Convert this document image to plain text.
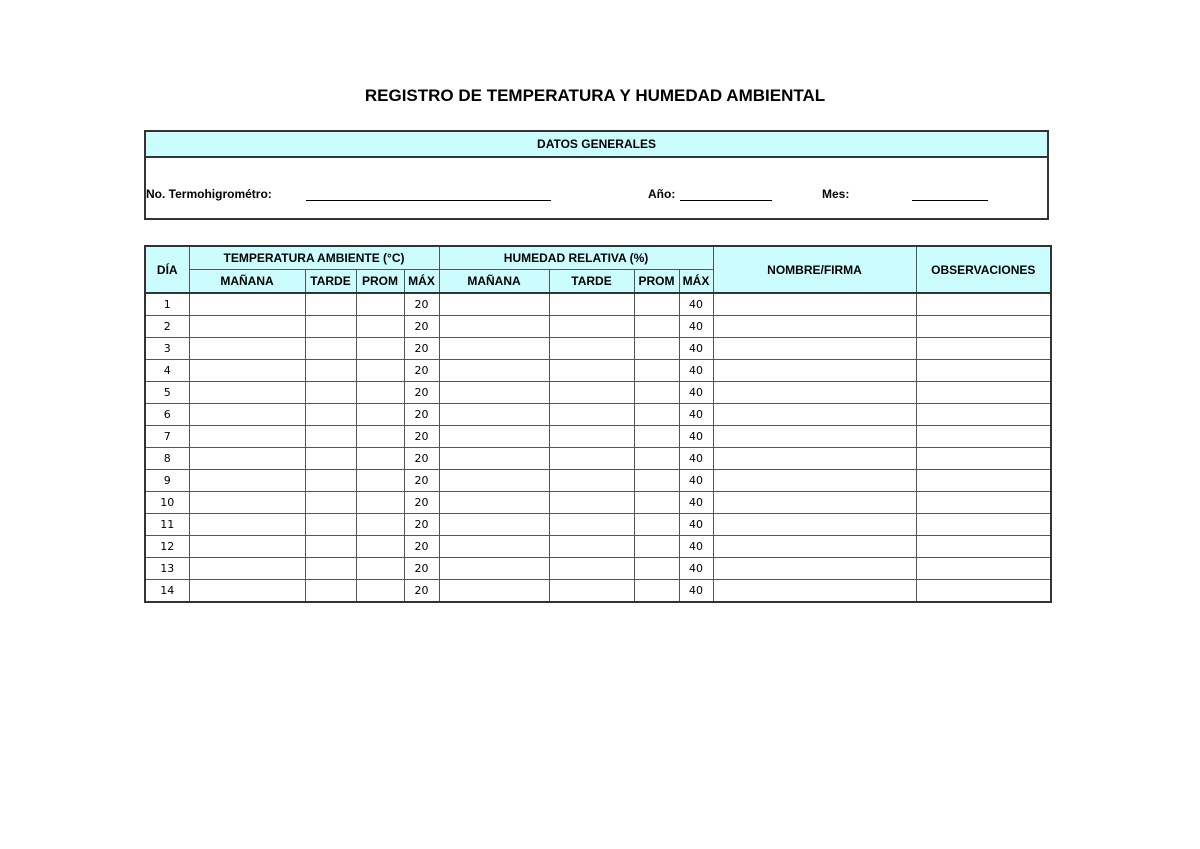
REGISTRO DE TEMPERATURA Y HUMEDAD AMBIENTAL
DATOS GENERALES
No. Termohigrométro:	Año:	Mes:
DÍA	TEMPERATURA AMBIENTE (°C)				HUMEDAD RELATIVA (%)				NOMBRE/FIRMA	OBSERVACIONES
	MAÑANA	TARDE	PROM	MÁX	MAÑANA	TARDE	PROM	MÁX		
1				20				40		
2				20				40		
3				20				40		
4				20				40		
5				20				40		
6				20				40		
7				20				40		
8				20				40		
9				20				40		
10				20				40		
11				20				40		
12				20				40		
13				20				40		
14				20				40		
